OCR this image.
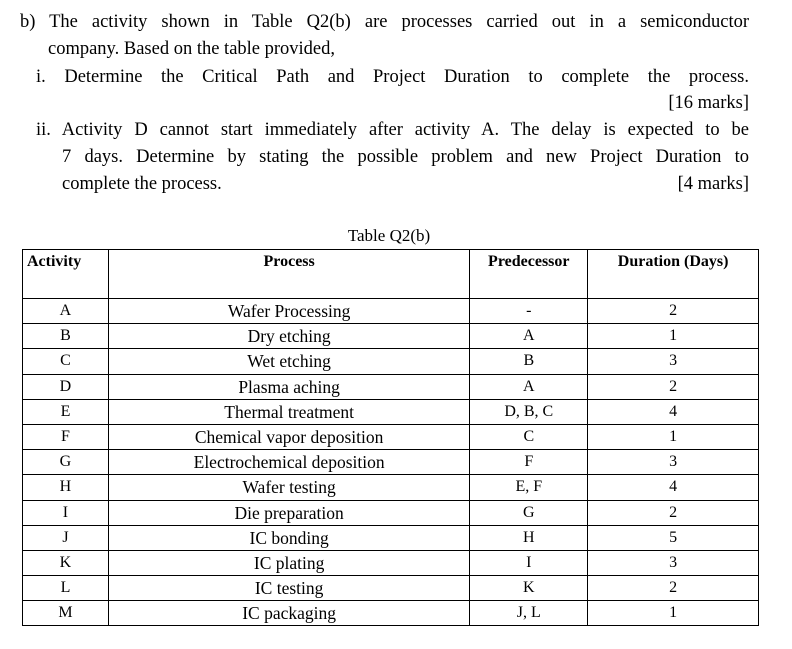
b) The activity shown in Table Q2(b) are processes carried out in a semiconductor
company. Based on the table provided,
i. Determine the Critical Path and Project Duration to complete the process.
[16 marks]
ii. Activity D cannot start immediately after activity A. The delay is expected to be
7 days. Determine by stating the possible problem and new Project Duration to
complete the process.	[4 marks]
Table Q2(b)
Activity	Process	Predecessor	Duration (Days)
A	Wafer Processing	-	2
B	Dry etching	A	1
C	Wet etching	B	3
D	Plasma aching	A	2
E	Thermal treatment	D, B, C	4
F	Chemical vapor deposition	C	1
G	Electrochemical deposition	F	3
H	Wafer testing	E, F	4
I	Die preparation	G	2
J	IC bonding	H	5
K	IC plating	I	3
L	IC testing	K	2
M	IC packaging	J, L	1
